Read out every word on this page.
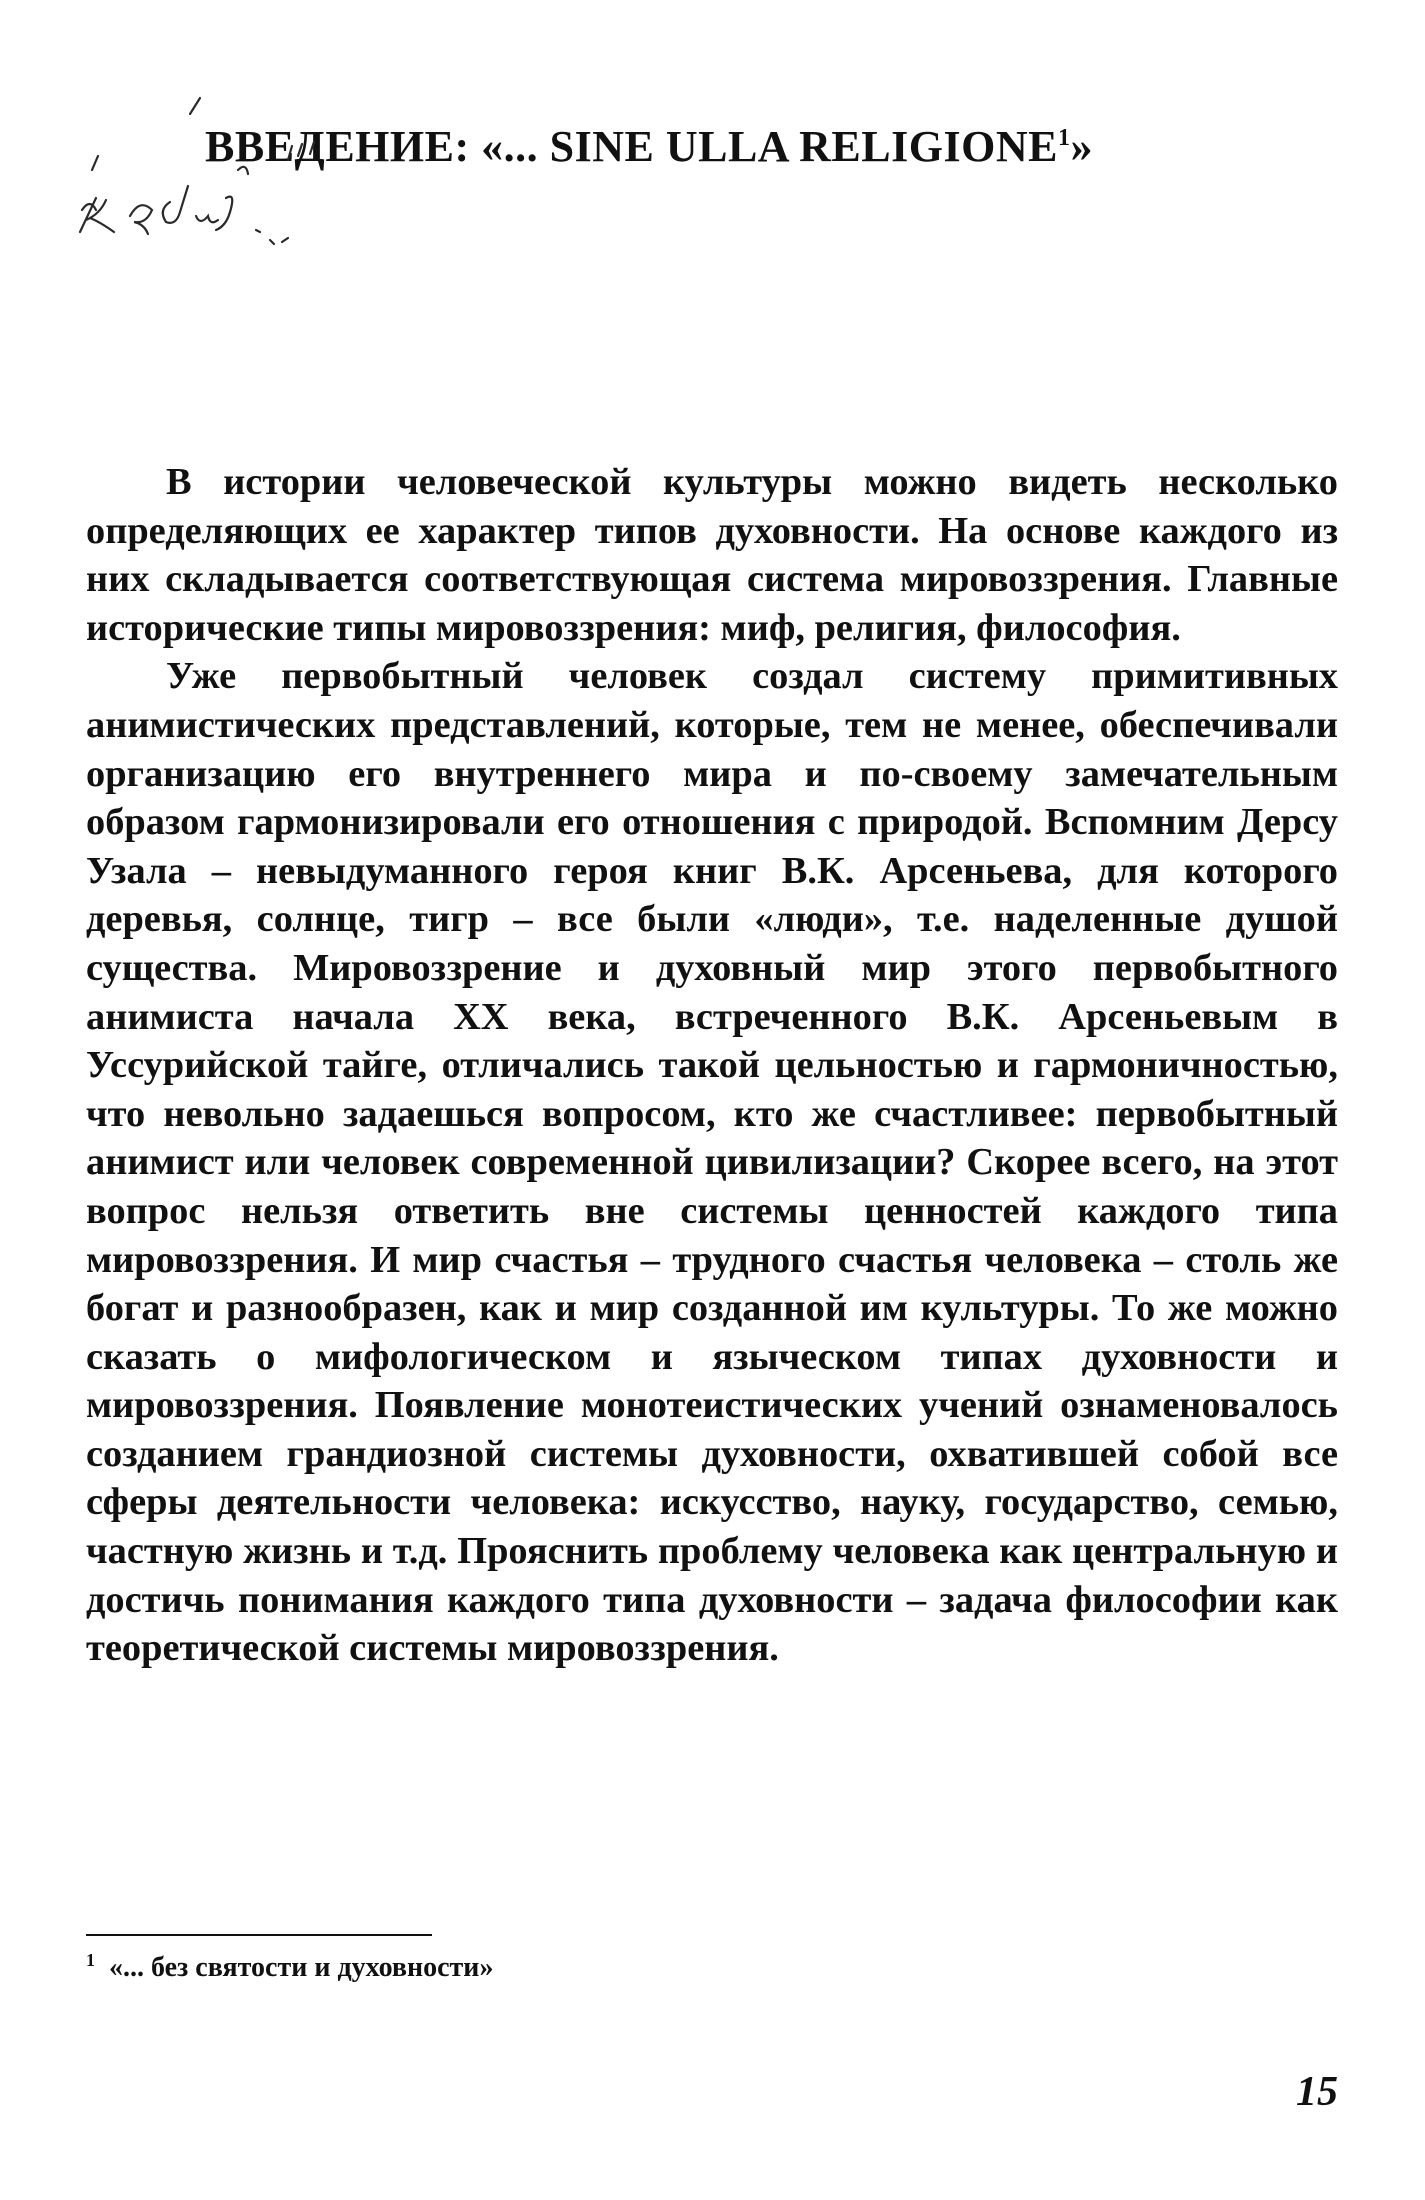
ВВЕДЕНИЕ: «... SINE ULLA RELIGIONE$^1$»

В истории человеческой культуры можно видеть несколько определяющих ее характер типов духовности. На основе каждого из них складывается соответствующая система мировоззрения. Главные исторические типы мировоззрения: миф, религия, философия.

Уже первобытный человек создал систему примитивных анимистических представлений, которые, тем не менее, обеспечивали организацию его внутреннего мира и по-своему замечательным образом гармонизировали его отношения с природой. Вспомним Дерсу Узала – невыдуманного героя книг В.К. Арсеньева, для которого деревья, солнце, тигр – все были «люди», т.е. наделенные душой существа. Мировоззрение и духовный мир этого первобытного анимиста начала XX века, встреченного В.К. Арсеньевым в Уссурийской тайге, отличались такой цельностью и гармоничностью, что невольно задаешься вопросом, кто же счастливее: первобытный анимист или человек современной цивилизации? Скорее всего, на этот вопрос нельзя ответить вне системы ценностей каждого типа мировоззрения. И мир счастья – трудного счастья человека – столь же богат и разнообразен, как и мир созданной им культуры. То же можно сказать о мифологическом и языческом типах духовности и мировоззрения. Появление монотеистических учений ознаменовалось созданием грандиозной системы духовности, охватившей собой все сферы деятельности человека: искусство, науку, государство, семью, частную жизнь и т.д. Прояснить проблему человека как центральную и достичь понимания каждого типа духовности – задача философии как теоретической системы мировоззрения.

$^1$ «... без святости и духовности»
15
